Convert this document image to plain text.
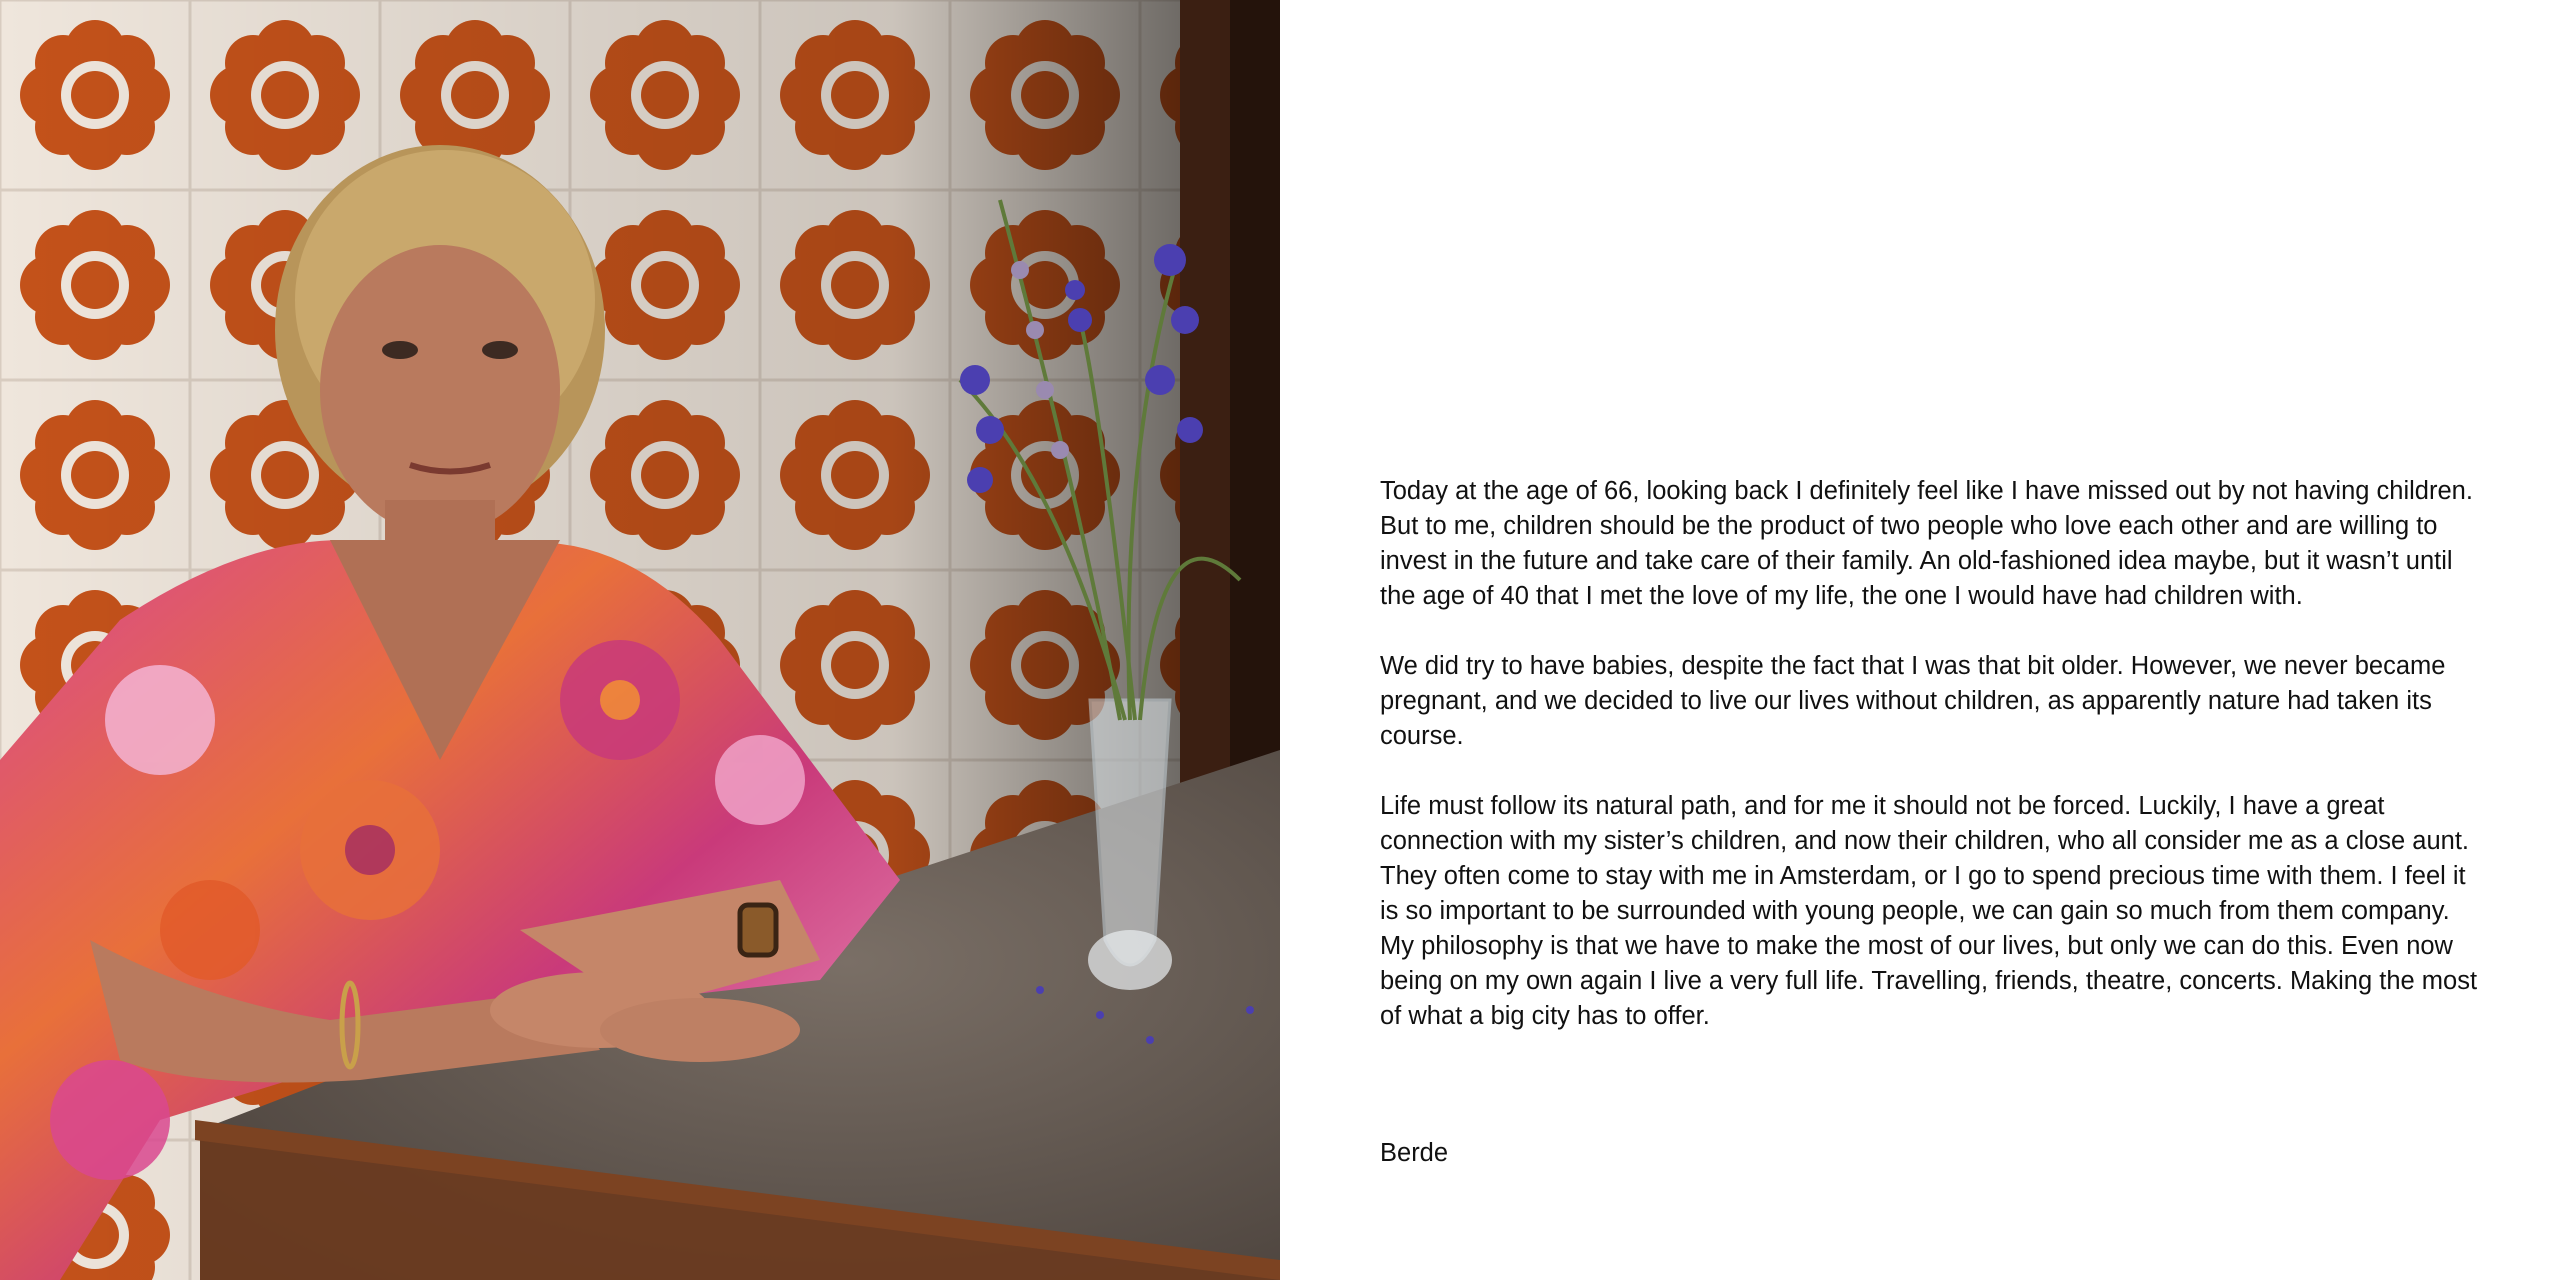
Today at the age of 66, looking back I definitely feel like I have missed out by not having children. But to me, children should be the product of two people who love each other and are willing to invest in the future and take care of their family. An old-fashioned idea maybe, but it wasn’t until the age of 40 that I met the love of my life, the one I would have had children with.

We did try to have babies, despite the fact that I was that bit older. However, we never became pregnant, and we decided to live our lives without children, as apparently nature had taken its course.

Life must follow its natural path, and for me it should not be forced. Luckily, I have a great connection with my sister’s children, and now their children, who all consider me as a close aunt. They often come to stay with me in Amsterdam, or I go to spend precious time with them. I feel it is so important to be surrounded with young people, we can gain so much from them company. My philosophy is that we have to make the most of our lives, but only we can do this. Even now being on my own again I live a very full life. Travelling, friends, theatre, concerts. Making the most of what a big city has to offer.

Berde
